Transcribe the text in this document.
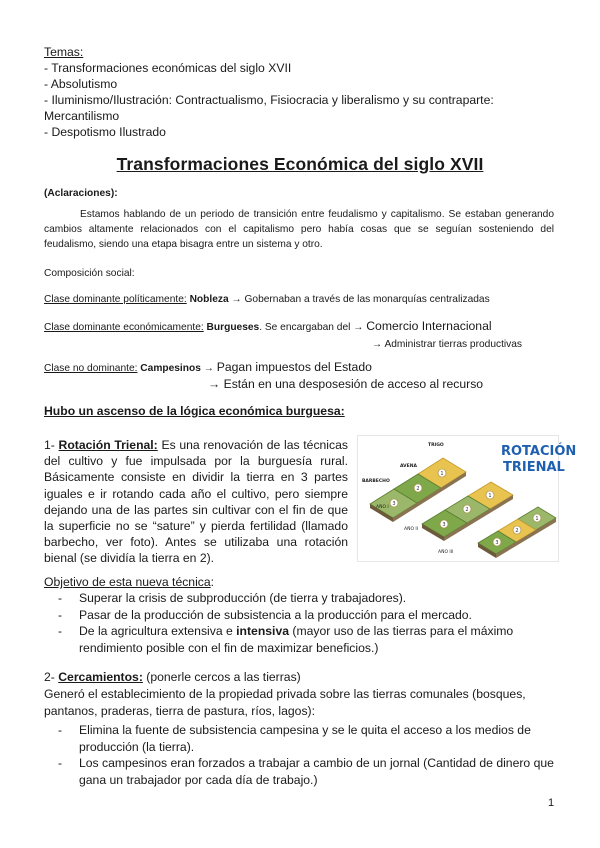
Temas:
- Transformaciones económicas del siglo XVII
- Absolutismo
- Iluminismo/Ilustración: Contractualismo, Fisiocracia y liberalismo y su contraparte:
Mercantilismo
- Despotismo Ilustrado
Transformaciones Económica del siglo XVII
(Aclaraciones):
Estamos hablando de un periodo de transición entre feudalismo y capitalismo. Se estaban generando cambios altamente relacionados con el capitalismo pero había cosas que se seguían sosteniendo del feudalismo, siendo una etapa bisagra entre un sistema y otro.
Composición social:
Clase dominante políticamente: Nobleza → Gobernaban a través de las monarquías centralizadas
Clase dominante económicamente: Burgueses. Se encargaban del → Comercio Internacional
→ Administrar tierras productivas
Clase no dominante: Campesinos → Pagan impuestos del Estado
→ Están en una desposesión de acceso al recurso
Hubo un ascenso de la lógica económica burguesa:
1- Rotación Trienal: Es una renovación de las técnicas del cultivo y fue impulsada por la burguesía rural. Básicamente consiste en dividir la tierra en 3 partes iguales e ir rotando cada año el cultivo, pero siempre dejando una de las partes sin cultivar con el fin de que la superficie no se “sature” y pierda fertilidad (llamado barbecho, ver foto). Antes se utilizaba una rotación bienal (se dividía la tierra en 2).
1
2
3
1
2
3
1
2
3
TRIGO
AVENA
BARBECHO
AÑO I
AÑO II
AÑO III
ROTACIÓN
TRIENAL
Objetivo de esta nueva técnica:
- Superar la crisis de subproducción (de tierra y trabajadores).
- Pasar de la producción de subsistencia a la producción para el mercado.
- De la agricultura extensiva e intensiva (mayor uso de las tierras para el máximo rendimiento posible con el fin de maximizar beneficios.)
2- Cercamientos: (ponerle cercos a las tierras)
Generó el establecimiento de la propiedad privada sobre las tierras comunales (bosques, pantanos, praderas, tierra de pastura, ríos, lagos):
- Elimina la fuente de subsistencia campesina y se le quita el acceso a los medios de producción (la tierra).
- Los campesinos eran forzados a trabajar a cambio de un jornal (Cantidad de dinero que gana un trabajador por cada día de trabajo.)
1
